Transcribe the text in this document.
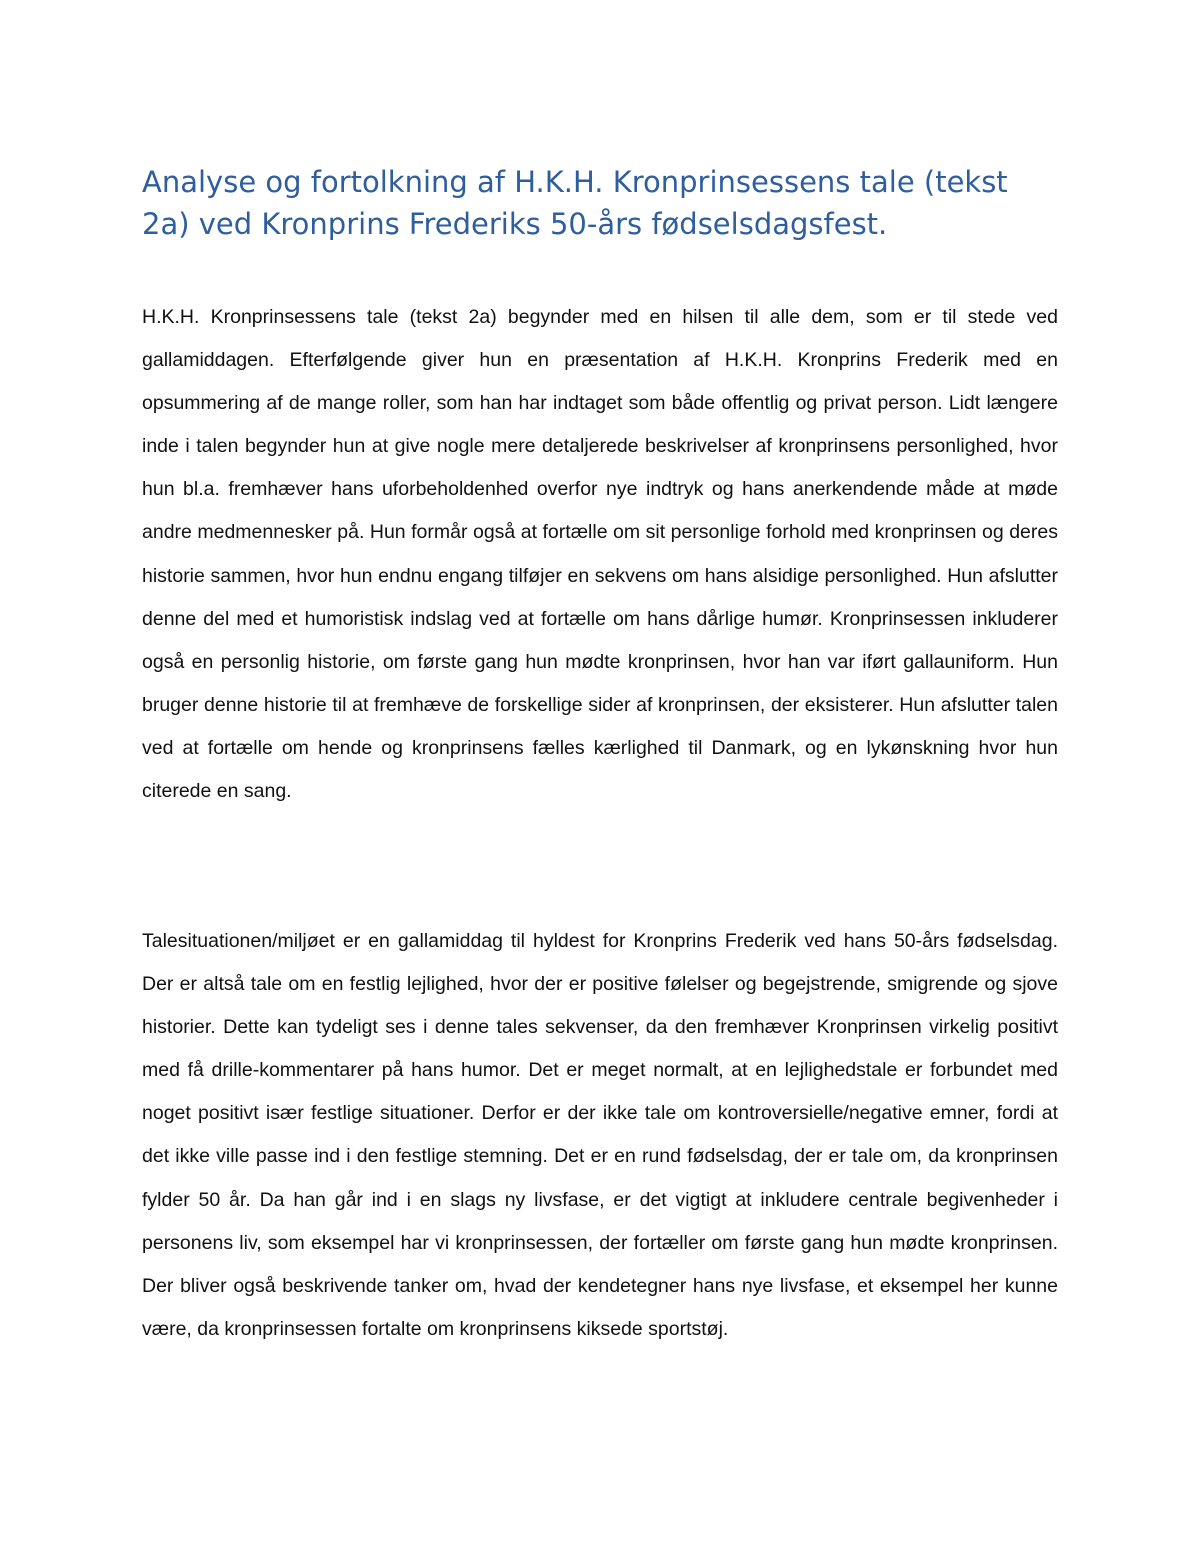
Analyse og fortolkning af H.K.H. Kronprinsessens tale (tekst 2a) ved Kronprins Frederiks 50-års fødselsdagsfest.

H.K.H. Kronprinsessens tale (tekst 2a) begynder med en hilsen til alle dem, som er til stede ved gallamiddagen. Efterfølgende giver hun en præsentation af H.K.H. Kronprins Frederik med en opsummering af de mange roller, som han har indtaget som både offentlig og privat person. Lidt længere inde i talen begynder hun at give nogle mere detaljerede beskrivelser af kronprinsens personlighed, hvor hun bl.a. fremhæver hans uforbeholdenhed overfor nye indtryk og hans anerkendende måde at møde andre medmennesker på. Hun formår også at fortælle om sit personlige forhold med kronprinsen og deres historie sammen, hvor hun endnu engang tilføjer en sekvens om hans alsidige personlighed. Hun afslutter denne del med et humoristisk indslag ved at fortælle om hans dårlige humør. Kronprinsessen inkluderer også en personlig historie, om første gang hun mødte kronprinsen, hvor han var iført gallauniform. Hun bruger denne historie til at fremhæve de forskellige sider af kronprinsen, der eksisterer. Hun afslutter talen ved at fortælle om hende og kronprinsens fælles kærlighed til Danmark, og en lykønskning hvor hun citerede en sang.

Talesituationen/miljøet er en gallamiddag til hyldest for Kronprins Frederik ved hans 50-års fødselsdag. Der er altså tale om en festlig lejlighed, hvor der er positive følelser og begejstrende, smigrende og sjove historier. Dette kan tydeligt ses i denne tales sekvenser, da den fremhæver Kronprinsen virkelig positivt med få drille-kommentarer på hans humor. Det er meget normalt, at en lejlighedstale er forbundet med noget positivt især festlige situationer. Derfor er der ikke tale om kontroversielle/negative emner, fordi at det ikke ville passe ind i den festlige stemning. Det er en rund fødselsdag, der er tale om, da kronprinsen fylder 50 år. Da han går ind i en slags ny livsfase, er det vigtigt at inkludere centrale begivenheder i personens liv, som eksempel har vi kronprinsessen, der fortæller om første gang hun mødte kronprinsen. Der bliver også beskrivende tanker om, hvad der kendetegner hans nye livsfase, et eksempel her kunne være, da kronprinsessen fortalte om kronprinsens kiksede sportstøj.
